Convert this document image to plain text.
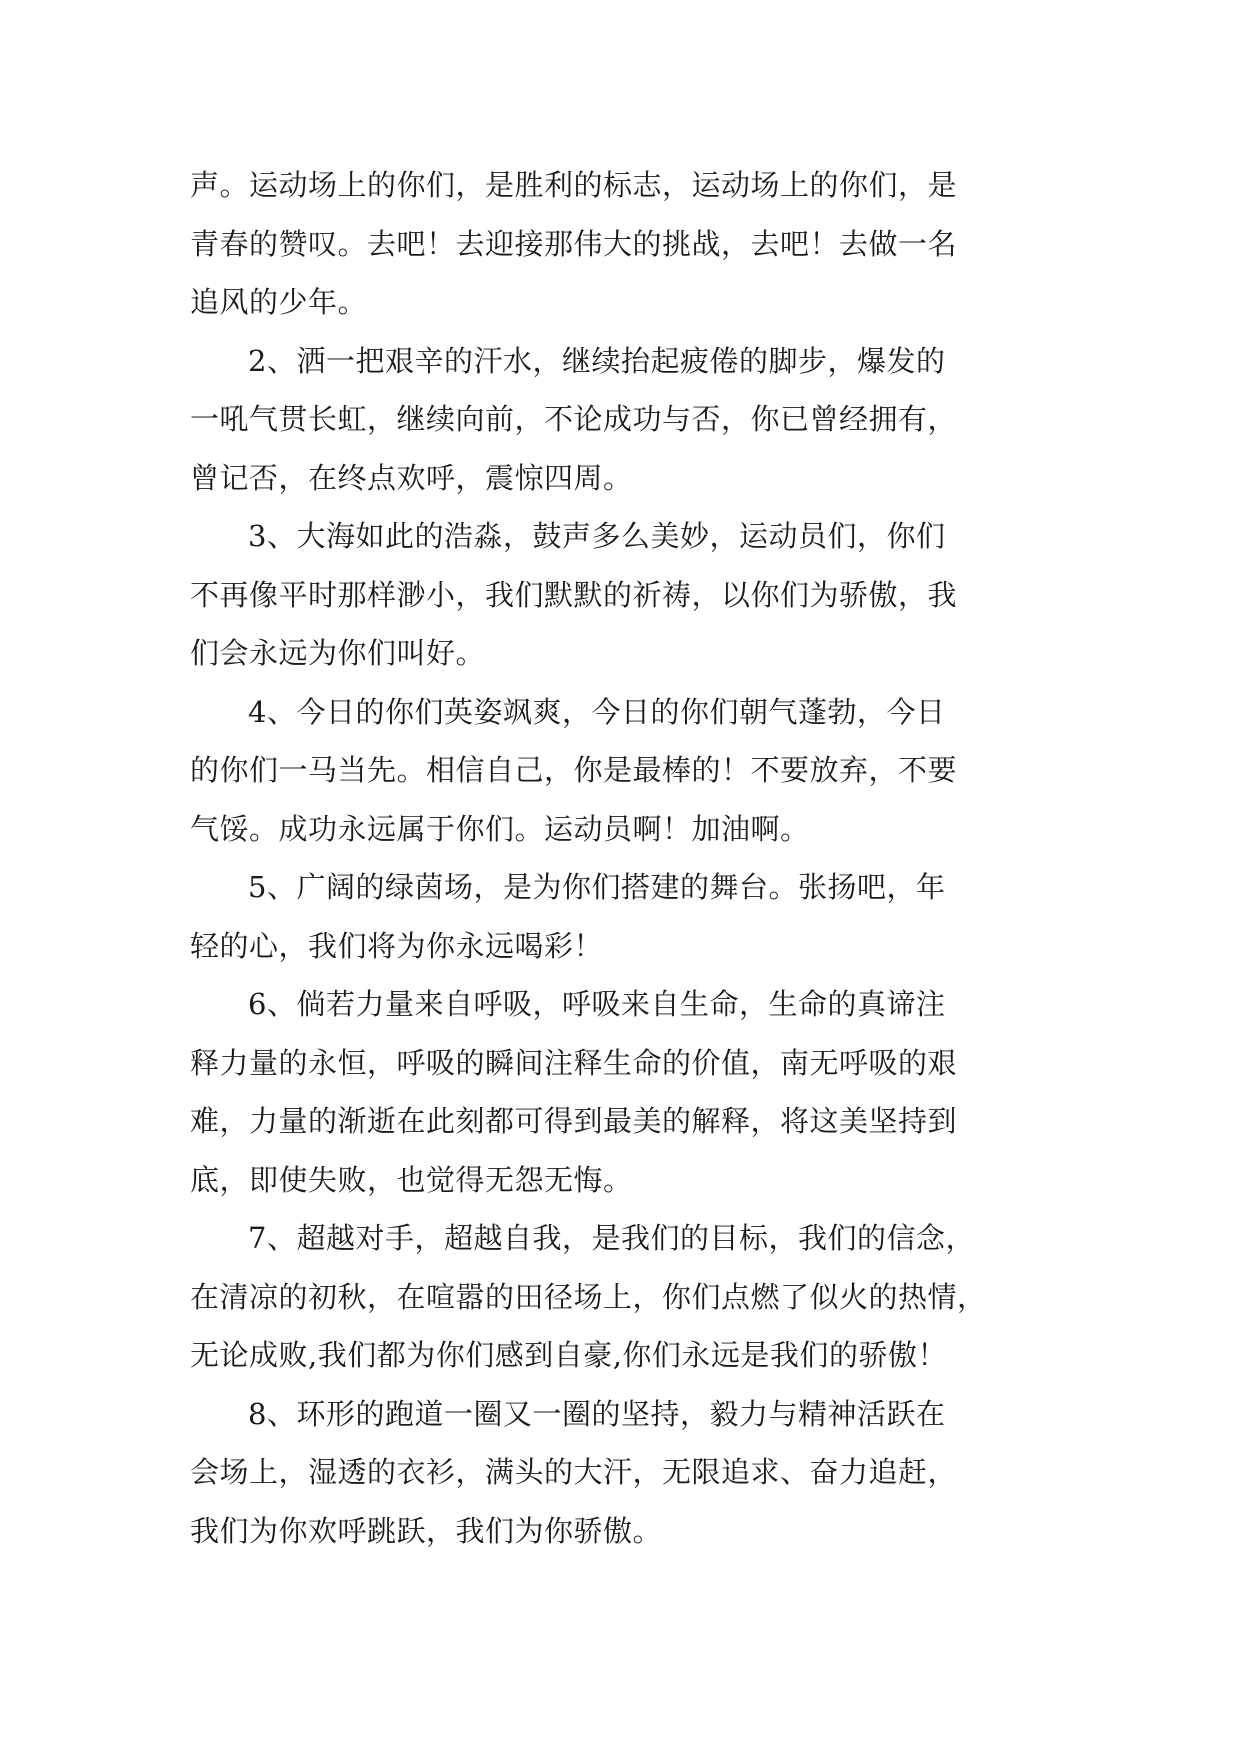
声。运动场上的你们，是胜利的标志，运动场上的你们，是
青春的赞叹。去吧！去迎接那伟大的挑战，去吧！去做一名
追风的少年。
2、洒一把艰辛的汗水，继续抬起疲倦的脚步，爆发的
一吼气贯长虹，继续向前，不论成功与否，你已曾经拥有，
曾记否，在终点欢呼，震惊四周。
3、大海如此的浩淼，鼓声多么美妙，运动员们，你们
不再像平时那样渺小，我们默默的祈祷，以你们为骄傲，我
们会永远为你们叫好。
4、今日的你们英姿飒爽，今日的你们朝气蓬勃，今日
的你们一马当先。相信自己，你是最棒的！不要放弃，不要
气馁。成功永远属于你们。运动员啊！加油啊。
5、广阔的绿茵场，是为你们搭建的舞台。张扬吧，年
轻的心，我们将为你永远喝彩！
6、倘若力量来自呼吸，呼吸来自生命，生命的真谛注
释力量的永恒，呼吸的瞬间注释生命的价值，南无呼吸的艰
难，力量的渐逝在此刻都可得到最美的解释，将这美坚持到
底，即使失败，也觉得无怨无悔。
7、超越对手，超越自我，是我们的目标，我们的信念，
在清凉的初秋，在喧嚣的田径场上，你们点燃了似火的热情，
无论成败,我们都为你们感到自豪,你们永远是我们的骄傲！
8、环形的跑道一圈又一圈的坚持，毅力与精神活跃在
会场上，湿透的衣衫，满头的大汗，无限追求、奋力追赶，
我们为你欢呼跳跃，我们为你骄傲。
